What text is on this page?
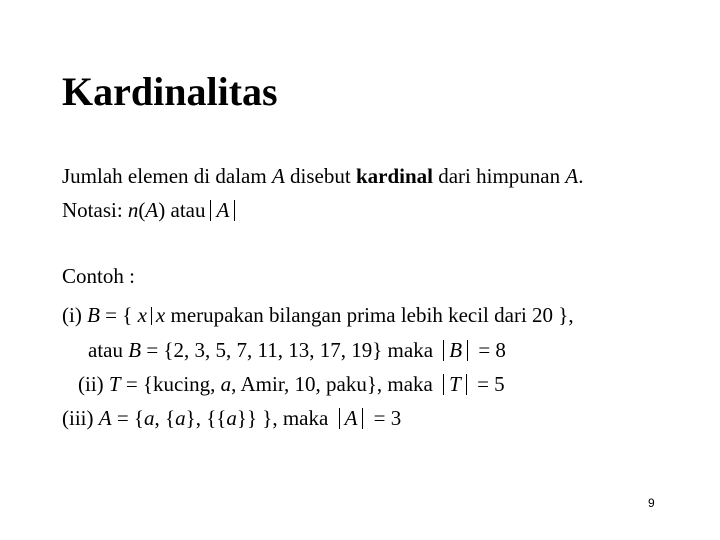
Kardinalitas
Jumlah elemen di dalam A disebut kardinal dari himpunan A.
Notasi: n(A) atau A
Contoh :
(i) B = { x x merupakan bilangan prima lebih kecil dari 20 },
atau B = {2, 3, 5, 7, 11, 13, 17, 19} maka B = 8
(ii) T = {kucing, a, Amir, 10, paku}, maka T = 5
(iii) A = {a, {a}, {{a}} }, maka A = 3
9
